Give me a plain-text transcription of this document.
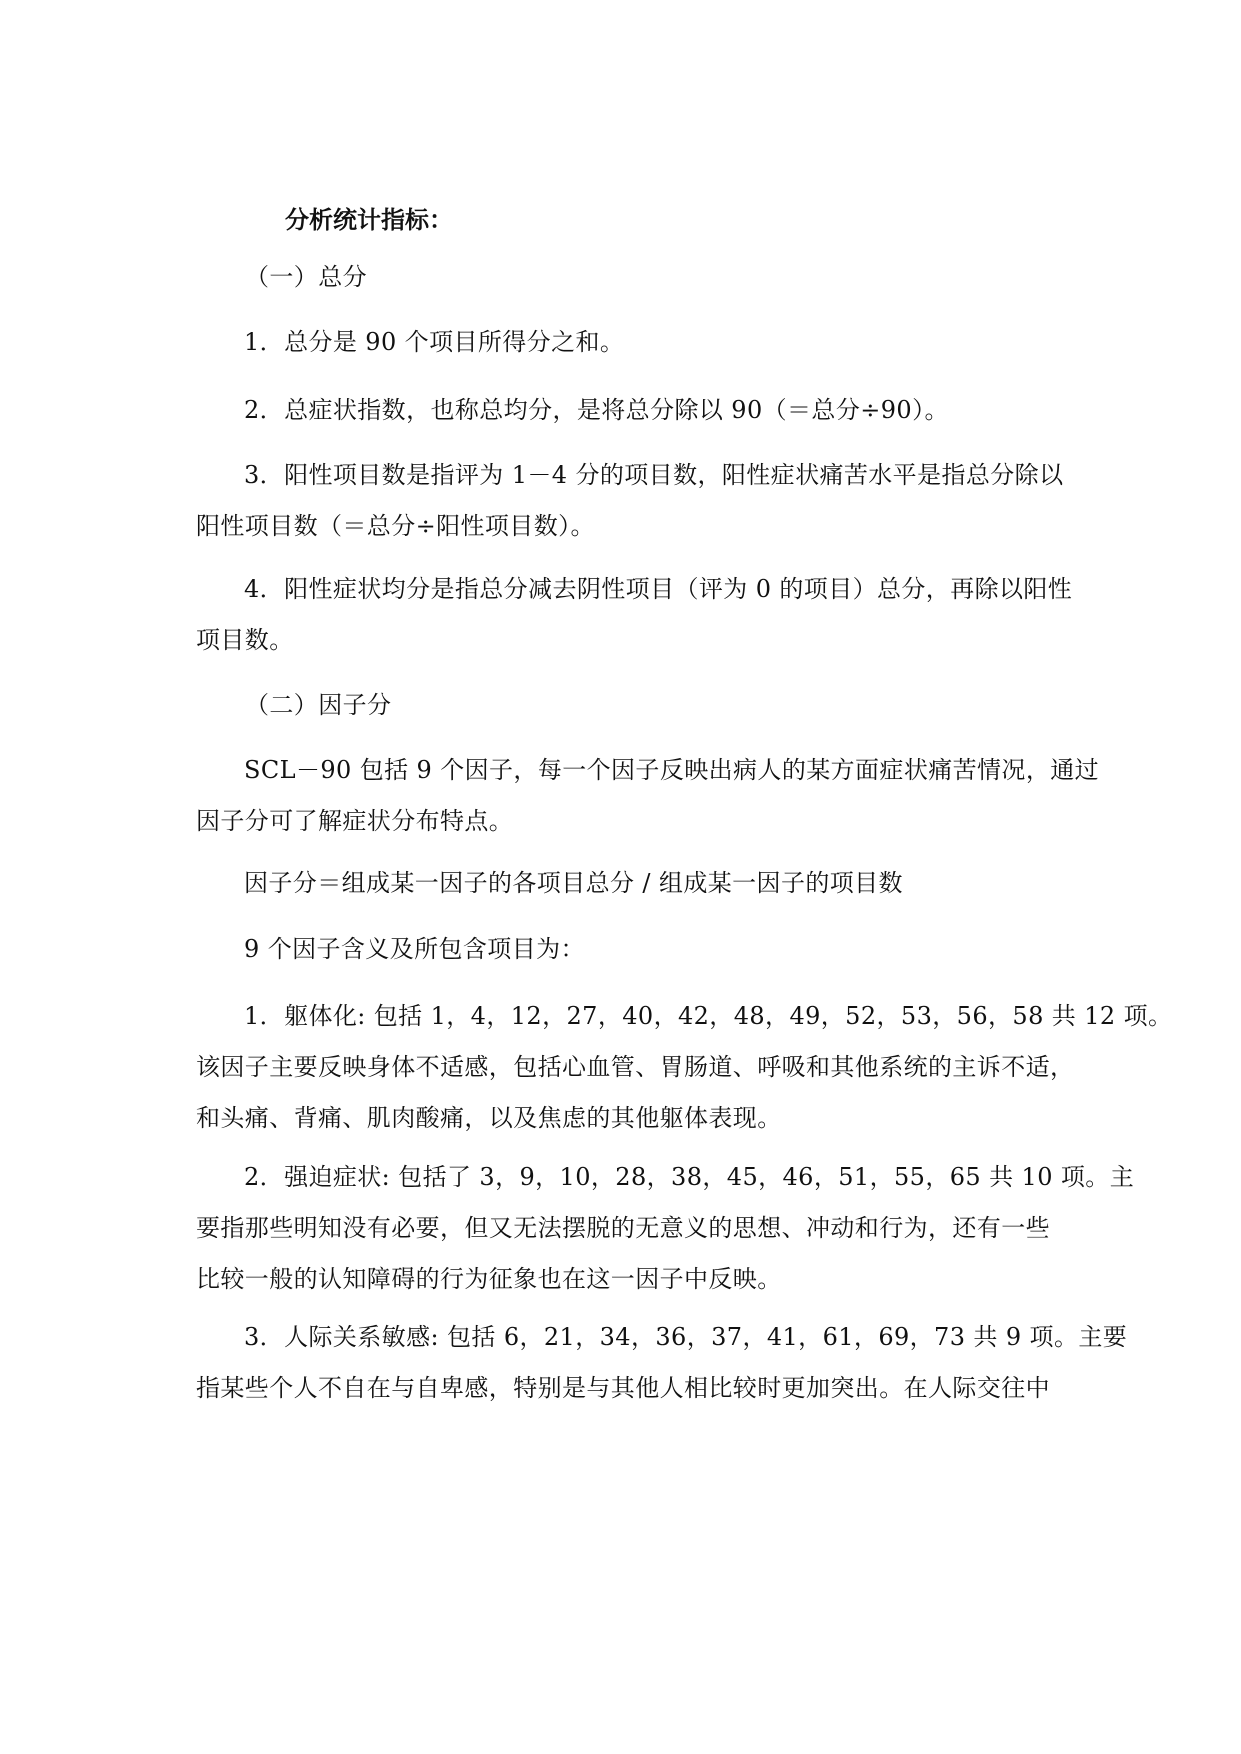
分析统计指标：

（一）总分

1．总分是 90 个项目所得分之和。

2．总症状指数，也称总均分，是将总分除以 90（＝总分÷90）。

3．阳性项目数是指评为 1－4 分的项目数，阳性症状痛苦水平是指总分除以
阳性项目数（＝总分÷阳性项目数）。

4．阳性症状均分是指总分减去阴性项目（评为 0 的项目）总分，再除以阳性
项目数。

（二）因子分

SCL－90 包括 9 个因子，每一个因子反映出病人的某方面症状痛苦情况，通过
因子分可了解症状分布特点。

因子分＝组成某一因子的各项目总分 / 组成某一因子的项目数

9 个因子含义及所包含项目为：

1．躯体化: 包括 1，4，12，27，40，42，48，49，52，53，56，58 共 12 项。
该因子主要反映身体不适感，包括心血管、胃肠道、呼吸和其他系统的主诉不适，
和头痛、背痛、肌肉酸痛，以及焦虑的其他躯体表现。

2．强迫症状: 包括了 3，9，10，28，38，45，46，51，55，65 共 10 项。主
要指那些明知没有必要，但又无法摆脱的无意义的思想、冲动和行为，还有一些
比较一般的认知障碍的行为征象也在这一因子中反映。

3．人际关系敏感: 包括 6，21，34，36，37，41，61，69，73 共 9 项。主要
指某些个人不自在与自卑感，特别是与其他人相比较时更加突出。在人际交往中
